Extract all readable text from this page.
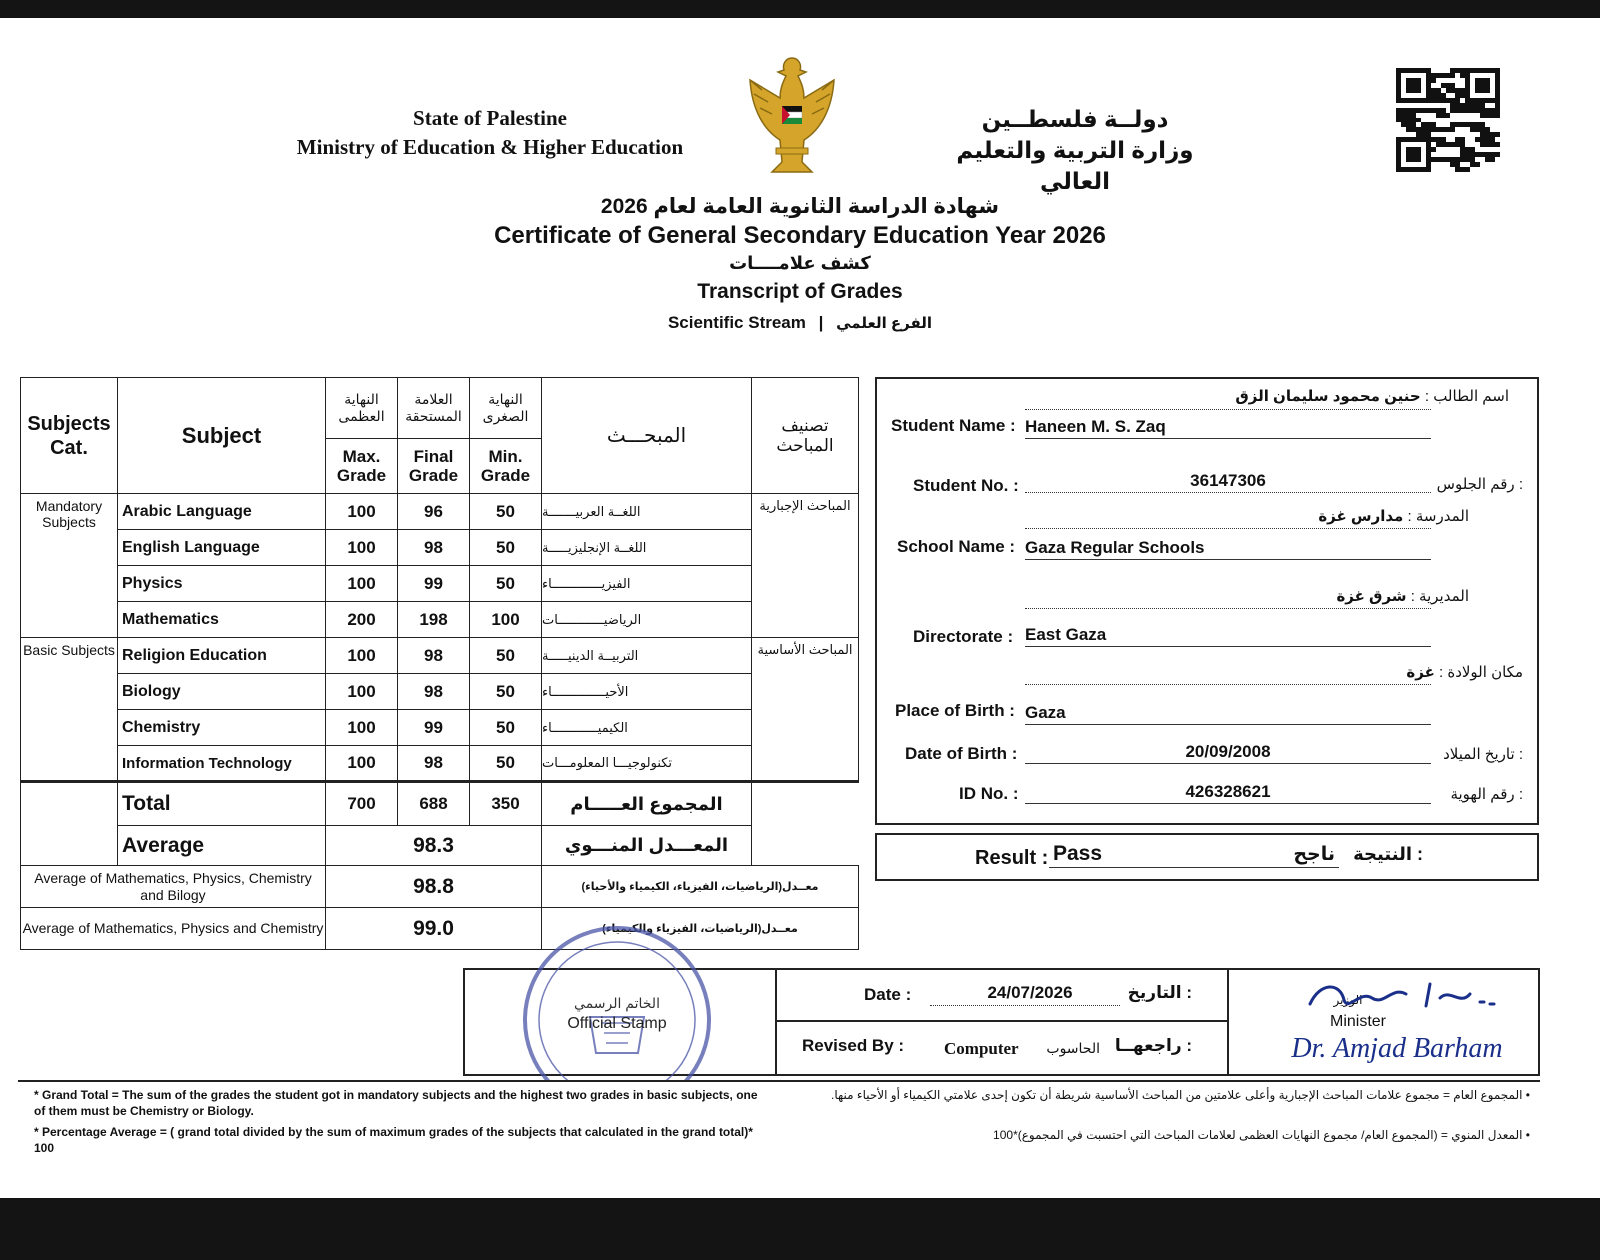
State of Palestine
Ministry of Education & Higher Education
دولــة فلسطــين
وزارة التربية والتعليم العالي
شهادة الدراسة الثانوية العامة لعام 2026
Certificate of General Secondary Education Year 2026
كشف علامــــات
Transcript of Grades
Scientific Stream | الفرع العلمي
Subjects Cat.	Subject	النهاية العظمى	العلامة المستحقة	النهاية الصغرى	المبحـــث	تصنيف المباحث
		Max. Grade	Final Grade	Min. Grade		
Mandatory Subjects	Arabic Language	100	96	50	اللغــة العربيـــــــة	المباحث الإجبارية
	English Language	100	98	50	اللغــة الإنجليزيـــــة	
	Physics	100	99	50	الفيزيـــــــــــــاء	
	Mathematics	200	198	100	الرياضيــــــــــــات	
Basic Subjects	Religion Education	100	98	50	التربيــة الدينيـــــة	المباحث الأساسية
	Biology	100	98	50	الأحيــــــــــــــاء	
	Chemistry	100	99	50	الكيميــــــــــــاء	
	Information Technology	100	98	50	تكنولوجيـــا المعلومـــات	
	Total	700	688	350	المجموع العـــــام	
	Average	98.3			المعـــدل المنـــوي	
Average of Mathematics, Physics, Chemistry and Bilogy		98.8			معــدل(الرياضيات، الفيزياء، الكيمياء والأحياء)	
Average of Mathematics, Physics and Chemistry		99.0			معــدل(الرياضيات، الفيزياء والكيمياء)	
اسم الطالب : حنين محمود سليمان الزق
Student Name : Haneen M. S. Zaq
Student No. :	36147306	: رقم الجلوس
المدرسة : مدارس غزة
School Name : Gaza Regular Schools
المديرية : شرق غزة
Directorate : East Gaza
مكان الولادة : غزة
Place of Birth : Gaza
Date of Birth :	20/09/2008	: تاريخ الميلاد
ID No. :	426328621	: رقم الهوية
Result : Pass	ناجح	: النتيجة
الخاتم الرسمي
Official Stamp
Date :	24/07/2026	: التاريخ
Revised By : Computer	الحاسوب : راجعهــا
الوزير
Minister
Dr. Amjad Barham
* Grand Total = The sum of the grades the student got in mandatory subjects and the highest two grades in basic subjects, one of them must be Chemistry or Biology.
* Percentage Average = ( grand total divided by the sum of maximum grades of the subjects that calculated in the grand total)* 100
• المجموع العام = مجموع علامات المباحث الإجبارية وأعلى علامتين من المباحث الأساسية شريطة أن تكون إحدى علامتي الكيمياء أو الأحياء منها.
• المعدل المنوي = (المجموع العام/ مجموع النهايات العظمى لعلامات المباحث التي احتسبت في المجموع)*100
